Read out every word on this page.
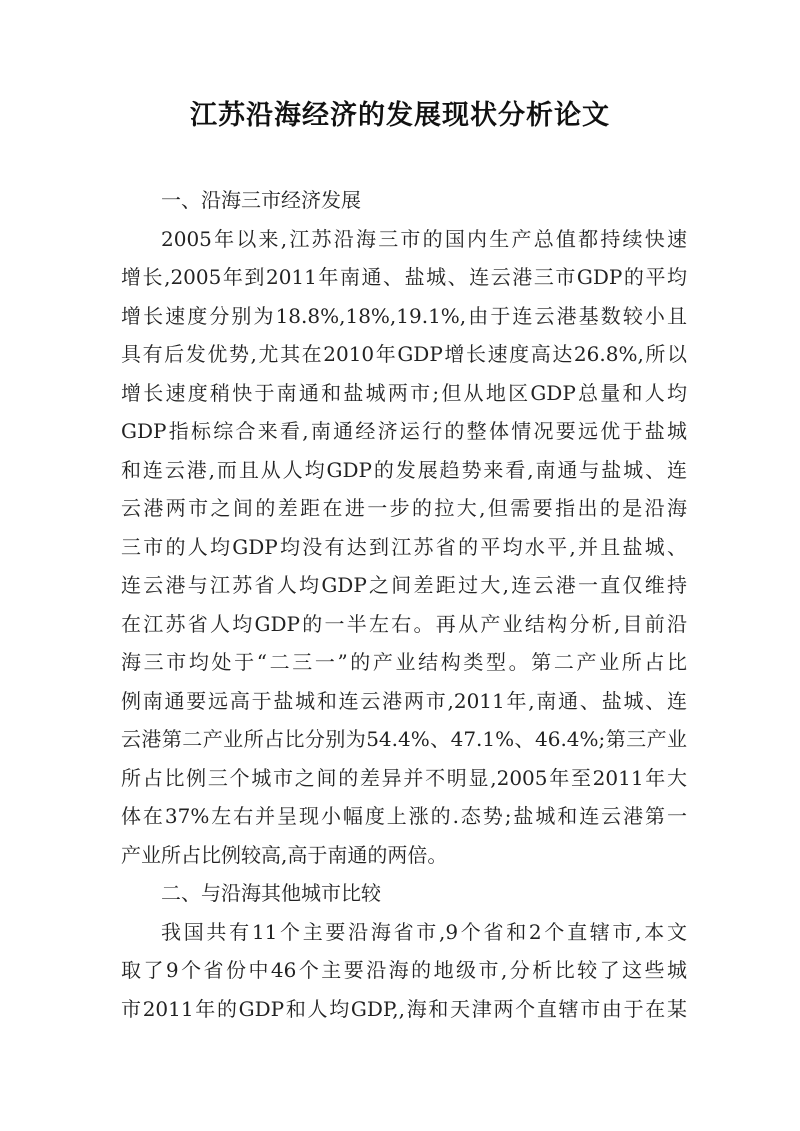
江苏沿海经济的发展现状分析论文
一、沿海三市经济发展

2005年以来,江苏沿海三市的国内生产总值都持续快速
增长,2005年到2011年南通、盐城、连云港三市GDP的平均
增长速度分别为18.8%,18%,19.1%,由于连云港基数较小且
具有后发优势,尤其在2010年GDP增长速度高达26.8%,所以
增长速度稍快于南通和盐城两市;但从地区GDP总量和人均
GDP指标综合来看,南通经济运行的整体情况要远优于盐城
和连云港,而且从人均GDP的发展趋势来看,南通与盐城、连
云港两市之间的差距在进一步的拉大,但需要指出的是沿海
三市的人均GDP均没有达到江苏省的平均水平,并且盐城、
连云港与江苏省人均GDP之间差距过大,连云港一直仅维持
在江苏省人均GDP的一半左右。再从产业结构分析,目前沿
海三市均处于“二三一”的产业结构类型。第二产业所占比
例南通要远高于盐城和连云港两市,2011年,南通、盐城、连
云港第二产业所占比分别为54.4%、47.1%、46.4%;第三产业
所占比例三个城市之间的差异并不明显,2005年至2011年大
体在37%左右并呈现小幅度上涨的.态势;盐城和连云港第一
产业所占比例较高,高于南通的两倍。

二、与沿海其他城市比较

我国共有11个主要沿海省市,9个省和2个直辖市,本文
取了9个省份中46个主要沿海的地级市,分析比较了这些城
市2011年的GDP和人均GDP,,海和天津两个直辖市由于在某
